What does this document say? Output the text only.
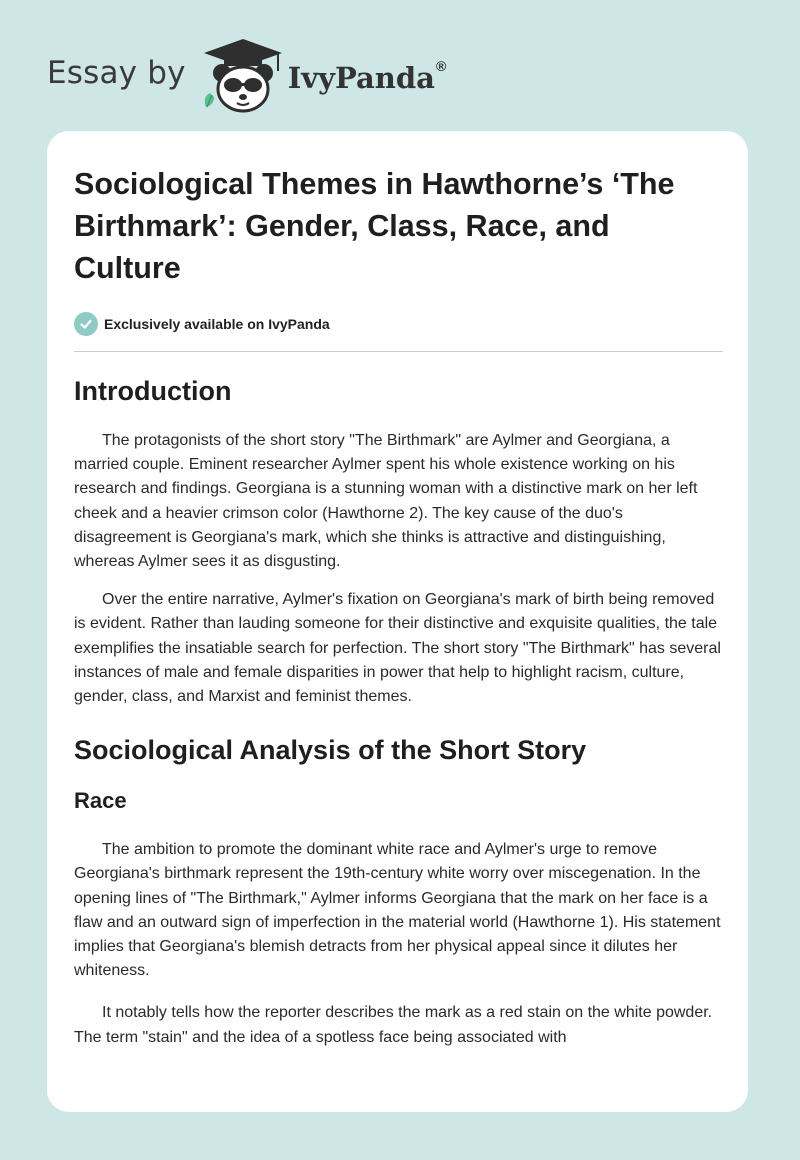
Essay by	IvyPanda®
Sociological Themes in Hawthorne’s ‘The Birthmark’: Gender, Class, Race, and Culture
Exclusively available on IvyPanda
Introduction

The protagonists of the short story "The Birthmark" are Aylmer and Georgiana, a married couple. Eminent researcher Aylmer spent his whole existence working on his research and findings. Georgiana is a stunning woman with a distinctive mark on her left cheek and a heavier crimson color (Hawthorne 2). The key cause of the duo's disagreement is Georgiana's mark, which she thinks is attractive and distinguishing, whereas Aylmer sees it as disgusting.

Over the entire narrative, Aylmer's fixation on Georgiana's mark of birth being removed is evident. Rather than lauding someone for their distinctive and exquisite qualities, the tale exemplifies the insatiable search for perfection. The short story "The Birthmark" has several instances of male and female disparities in power that help to highlight racism, culture, gender, class, and Marxist and feminist themes.

Sociological Analysis of the Short Story
Race

The ambition to promote the dominant white race and Aylmer's urge to remove Georgiana's birthmark represent the 19th-century white worry over miscegenation. In the opening lines of "The Birthmark," Aylmer informs Georgiana that the mark on her face is a flaw and an outward sign of imperfection in the material world (Hawthorne 1). His statement implies that Georgiana's blemish detracts from her physical appeal since it dilutes her whiteness.

It notably tells how the reporter describes the mark as a red stain on the white powder. The term "stain" and the idea of a spotless face being associated with
